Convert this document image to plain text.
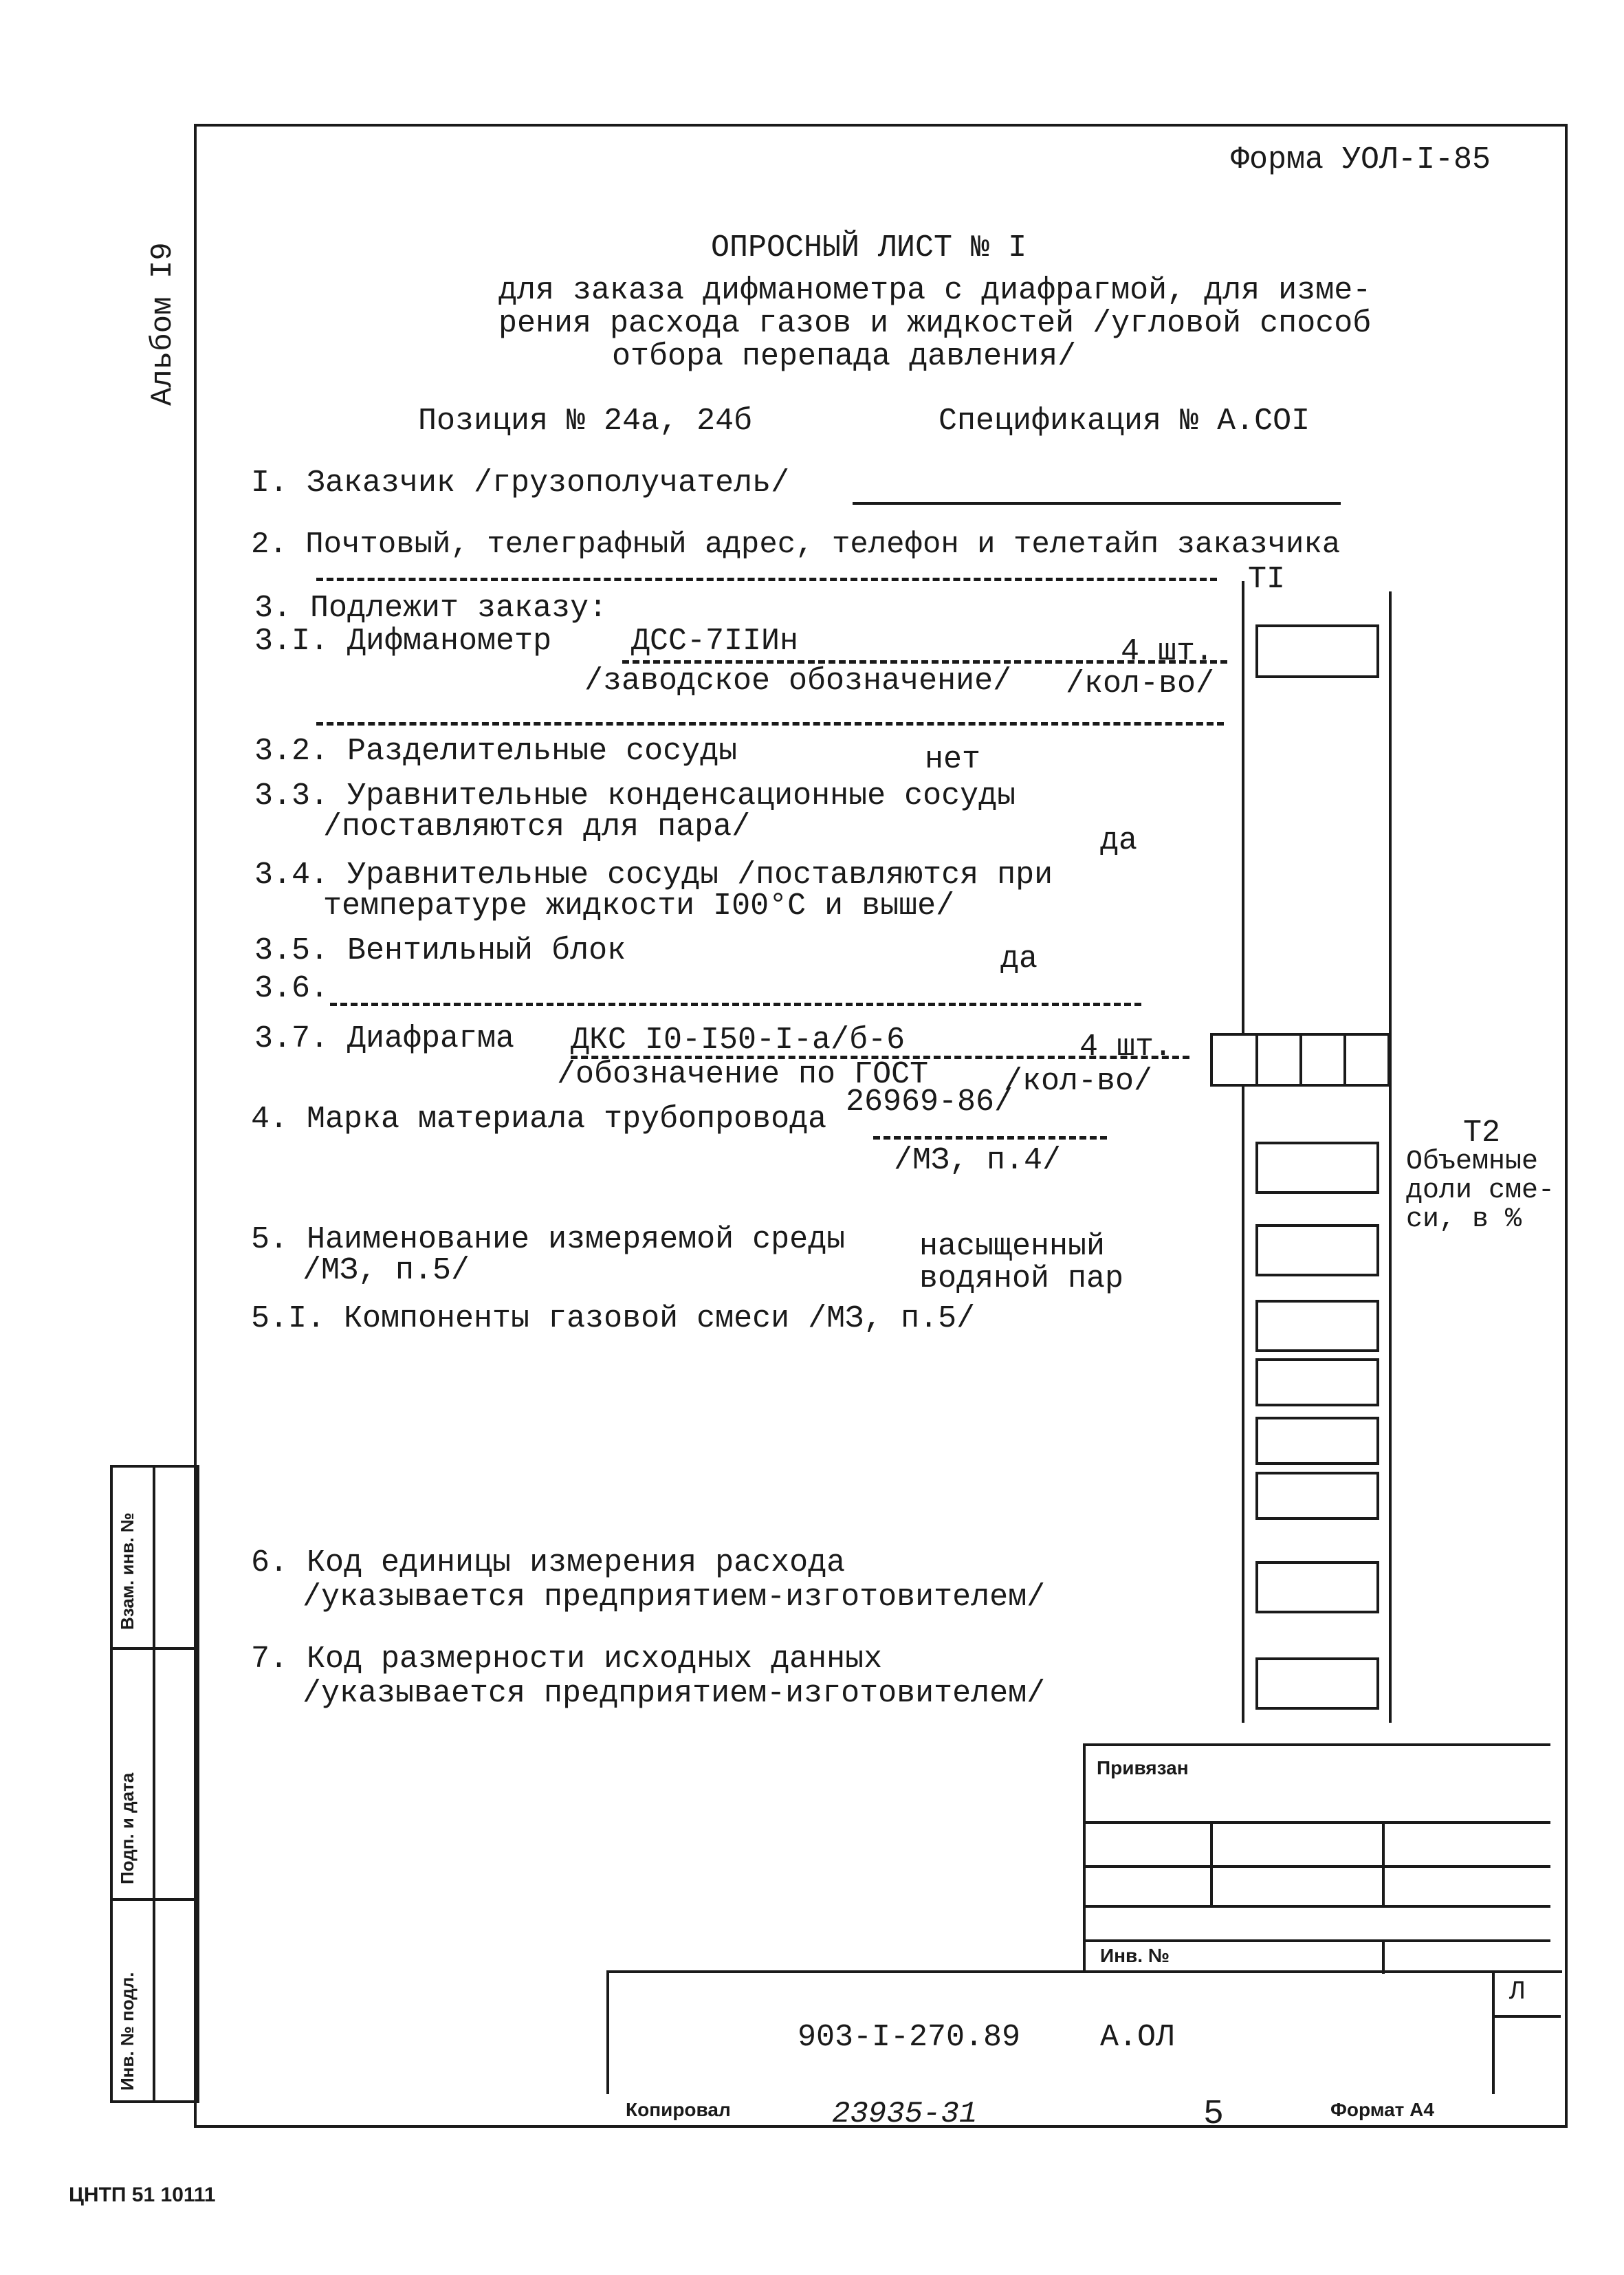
Взам. инв. №
Подп. и дата
Инв. № подл.
Альбом I9
Форма УОЛ-I-85
ОПРОСНЫЙ ЛИСТ № I
для заказа дифманометра с диафрагмой, для изме-
рения расхода газов и жидкостей /угловой способ
отбора перепада давления/
Позиция № 24а, 24б	Спецификация № А.СОI
I. Заказчик /грузополучатель/
2. Почтовый, телеграфный адрес, телефон и телетайп заказчика
3. Подлежит заказу:
3.I. Дифманометр	ДСС-7IIИн	4 шт.
/заводское обозначение/ /кол-во/
3.2. Разделительные сосуды	нет
3.3. Уравнительные конденсационные сосуды
/поставляются для пара/	да
3.4. Уравнительные сосуды /поставляются при
температуре жидкости I00°С и выше/
3.5. Вентильный блок	да
3.6.
3.7. Диафрагма ДКС I0-I50-I-а/б-6	4 шт.
/обозначение по ГОСТ /кол-во/
26969-86/
4. Марка материала трубопровода
/МЗ, п.4/
5. Наименование измеряемой среды
/МЗ, п.5/
насыщенный
водяной пар
5.I. Компоненты газовой смеси /МЗ, п.5/
6. Код единицы измерения расхода
/указывается предприятием-изготовителем/
7. Код размерности исходных данных
/указывается предприятием-изготовителем/
TI
T2
Объемные
доли сме-
си, в %
Привязан
Инв. №
Л
903-I-270.89	А.ОЛ
Копировал	23935-31	5	Формат А4
ЦНТП 51 10111
